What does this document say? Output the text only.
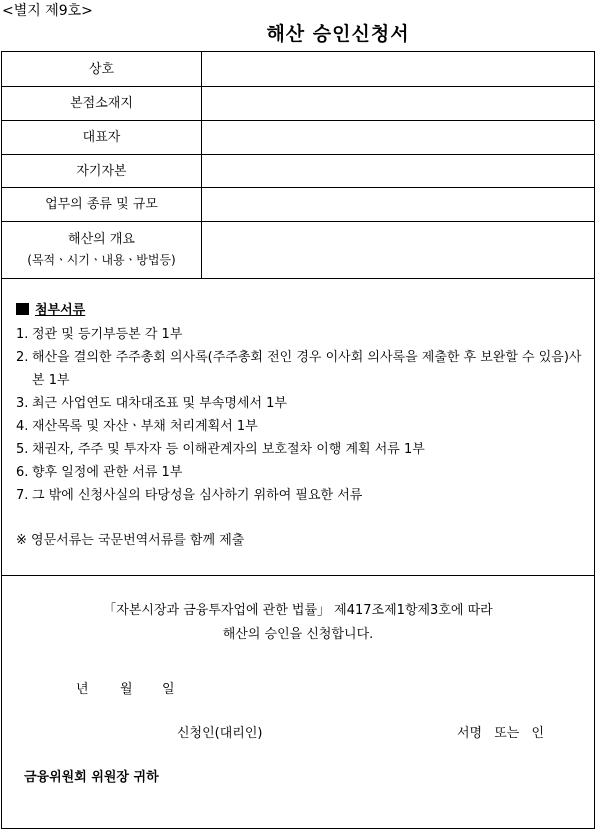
<별지 제9호>
해산 승인신청서
상호
본점소재지
대표자
자기자본
업무의 종류 및 규모
해산의 개요
(목적ㆍ시기ㆍ내용ㆍ방법등)
첨부서류
1. 정관 및 등기부등본 각 1부
2. 해산을 결의한 주주총회 의사록(주주총회 전인 경우 이사회 의사록을 제출한 후 보완할 수 있음)사본 1부
3. 최근 사업연도 대차대조표 및 부속명세서 1부
4. 재산목록 및 자산ㆍ부채 처리계획서 1부
5. 채권자, 주주 및 투자자 등 이해관계자의 보호절차 이행 계획 서류 1부
6. 향후 일정에 관한 서류 1부
7. 그 밖에 신청사실의 타당성을 심사하기 위하여 필요한 서류
※ 영문서류는 국문번역서류를 함께 제출
「자본시장과 금융투자업에 관한 법률」 제417조제1항제3호에 따라
해산의 승인을 신청합니다.
년 월 일
신청인(대리인)	서명 또는 인
금융위원회 위원장 귀하
